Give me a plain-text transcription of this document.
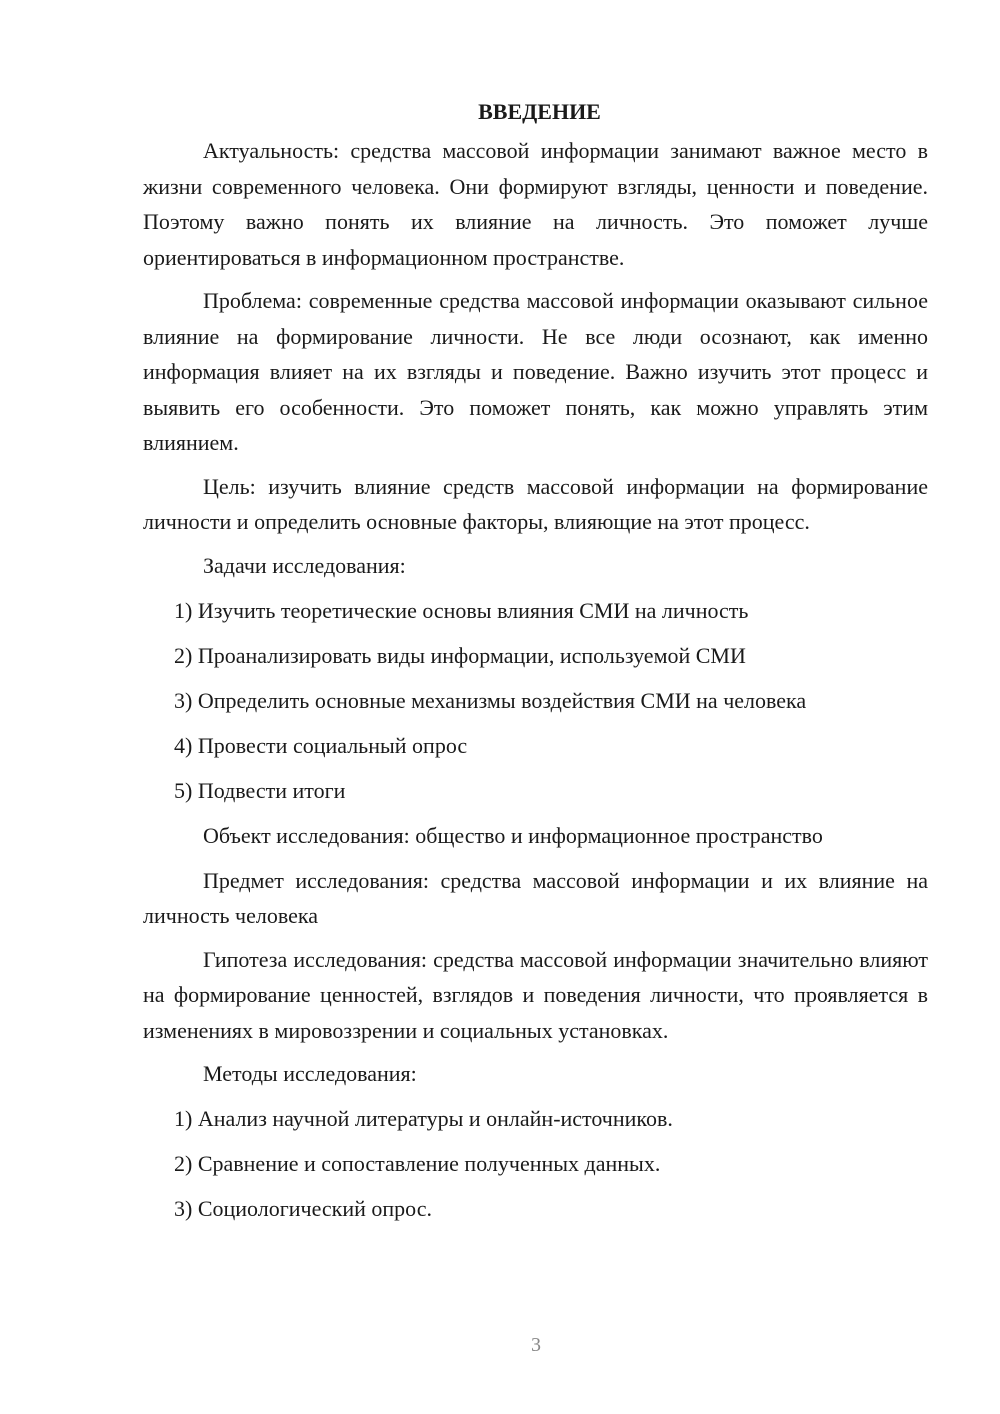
ВВЕДЕНИЕ

Актуальность: средства массовой информации занимают важное место в жизни современного человека. Они формируют взгляды, ценности и поведение. Поэтому важно понять их влияние на личность. Это поможет лучше ориентироваться в информационном пространстве.

Проблема: современные средства массовой информации оказывают сильное влияние на формирование личности. Не все люди осознают, как именно информация влияет на их взгляды и поведение. Важно изучить этот процесс и выявить его особенности. Это поможет понять, как можно управлять этим влиянием.

Цель: изучить влияние средств массовой информации на формирование личности и определить основные факторы, влияющие на этот процесс.

Задачи исследования:
1) Изучить теоретические основы влияния СМИ на личность
2) Проанализировать виды информации, используемой СМИ
3) Определить основные механизмы воздействия СМИ на человека
4) Провести социальный опрос
5) Подвести итоги
Объект исследования: общество и информационное пространство

Предмет исследования: средства массовой информации и их влияние на личность человека

Гипотеза исследования: средства массовой информации значительно влияют на формирование ценностей, взглядов и поведения личности, что проявляется в изменениях в мировоззрении и социальных установках.

Методы исследования:
1) Анализ научной литературы и онлайн-источников.
2) Сравнение и сопоставление полученных данных.
3) Социологический опрос.
3
